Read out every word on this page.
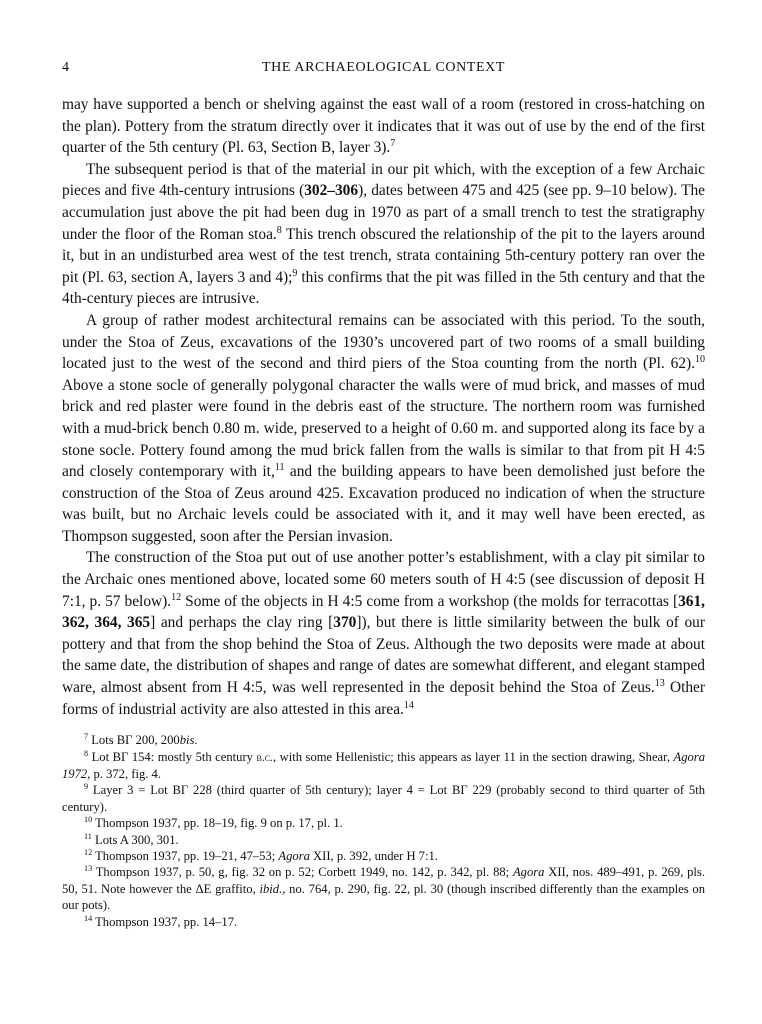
4	THE ARCHAEOLOGICAL CONTEXT

may have supported a bench or shelving against the east wall of a room (restored in cross-hatching on the plan). Pottery from the stratum directly over it indicates that it was out of use by the end of the first quarter of the 5th century (Pl. 63, Section B, layer 3).$^7$

The subsequent period is that of the material in our pit which, with the exception of a few Archaic pieces and five 4th-century intrusions (302–306), dates between 475 and 425 (see pp. 9–10 below). The accumulation just above the pit had been dug in 1970 as part of a small trench to test the stratigraphy under the floor of the Roman stoa.$^8$ This trench obscured the relationship of the pit to the layers around it, but in an undisturbed area west of the test trench, strata containing 5th-century pottery ran over the pit (Pl. 63, section A, layers 3 and 4);$^9$ this confirms that the pit was filled in the 5th century and that the 4th-century pieces are intrusive.

A group of rather modest architectural remains can be associated with this period. To the south, under the Stoa of Zeus, excavations of the 1930’s uncovered part of two rooms of a small building located just to the west of the second and third piers of the Stoa counting from the north (Pl. 62).$^{10}$ Above a stone socle of generally polygonal character the walls were of mud brick, and masses of mud brick and red plaster were found in the debris east of the structure. The northern room was furnished with a mud-brick bench 0.80 m. wide, preserved to a height of 0.60 m. and supported along its face by a stone socle. Pottery found among the mud brick fallen from the walls is similar to that from pit H 4:5 and closely contemporary with it,$^{11}$ and the building appears to have been demolished just before the construction of the Stoa of Zeus around 425. Excavation produced no indication of when the structure was built, but no Archaic levels could be associated with it, and it may well have been erected, as Thompson suggested, soon after the Persian invasion.

The construction of the Stoa put out of use another potter’s establishment, with a clay pit similar to the Archaic ones mentioned above, located some 60 meters south of H 4:5 (see discussion of deposit H 7:1, p. 57 below).$^{12}$ Some of the objects in H 4:5 come from a workshop (the molds for terracottas [361, 362, 364, 365] and perhaps the clay ring [370]), but there is little similarity between the bulk of our pottery and that from the shop behind the Stoa of Zeus. Although the two deposits were made at about the same date, the distribution of shapes and range of dates are somewhat different, and elegant stamped ware, almost absent from H 4:5, was well represented in the deposit behind the Stoa of Zeus.$^{13}$ Other forms of industrial activity are also attested in this area.$^{14}$

$^7$ Lots BΓ 200, 200bis.
$^8$ Lot BΓ 154: mostly 5th century b.c., with some Hellenistic; this appears as layer 11 in the section drawing, Shear, Agora 1972, p. 372, fig. 4.
$^9$ Layer 3 = Lot BΓ 228 (third quarter of 5th century); layer 4 = Lot BΓ 229 (probably second to third quarter of 5th century).
$^{10}$ Thompson 1937, pp. 18–19, fig. 9 on p. 17, pl. 1.
$^{11}$ Lots A 300, 301.
$^{12}$ Thompson 1937, pp. 19–21, 47–53; Agora XII, p. 392, under H 7:1.
$^{13}$ Thompson 1937, p. 50, g, fig. 32 on p. 52; Corbett 1949, no. 142, p. 342, pl. 88; Agora XII, nos. 489–491, p. 269, pls. 50, 51. Note however the ΔE graffito, ibid., no. 764, p. 290, fig. 22, pl. 30 (though inscribed differently than the examples on our pots).
$^{14}$ Thompson 1937, pp. 14–17.
